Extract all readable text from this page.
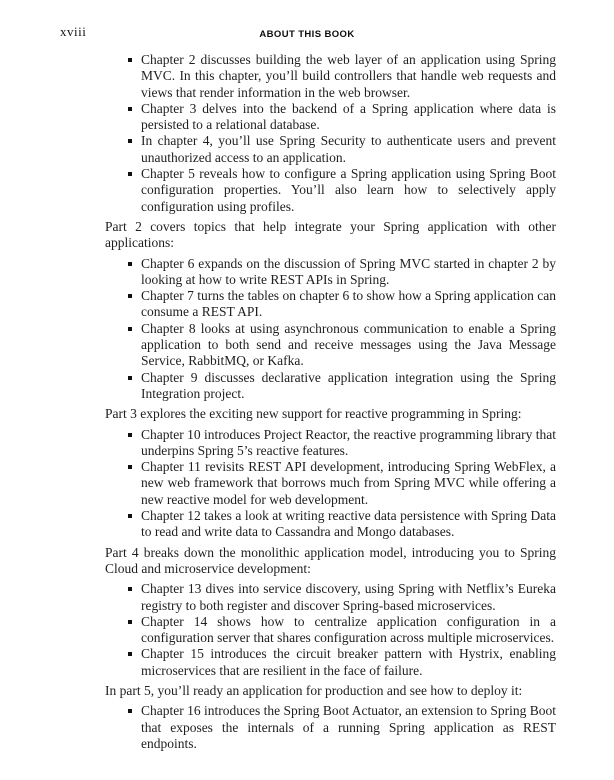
xviii	ABOUT THIS BOOK
Chapter 2 discusses building the web layer of an application using Spring MVC. In this chapter, you’ll build controllers that handle web requests and views that render information in the web browser.
Chapter 3 delves into the backend of a Spring application where data is persisted to a relational database.
In chapter 4, you’ll use Spring Security to authenticate users and prevent unauthorized access to an application.
Chapter 5 reveals how to configure a Spring application using Spring Boot configuration properties. You’ll also learn how to selectively apply configuration using profiles.

Part 2 covers topics that help integrate your Spring application with other applications:

Chapter 6 expands on the discussion of Spring MVC started in chapter 2 by looking at how to write REST APIs in Spring.
Chapter 7 turns the tables on chapter 6 to show how a Spring application can consume a REST API.
Chapter 8 looks at using asynchronous communication to enable a Spring application to both send and receive messages using the Java Message Service, RabbitMQ, or Kafka.
Chapter 9 discusses declarative application integration using the Spring Integration project.

Part 3 explores the exciting new support for reactive programming in Spring:

Chapter 10 introduces Project Reactor, the reactive programming library that underpins Spring 5’s reactive features.
Chapter 11 revisits REST API development, introducing Spring WebFlex, a new web framework that borrows much from Spring MVC while offering a new reactive model for web development.
Chapter 12 takes a look at writing reactive data persistence with Spring Data to read and write data to Cassandra and Mongo databases.

Part 4 breaks down the monolithic application model, introducing you to Spring Cloud and microservice development:

Chapter 13 dives into service discovery, using Spring with Netflix’s Eureka registry to both register and discover Spring-based microservices.
Chapter 14 shows how to centralize application configuration in a configuration server that shares configuration across multiple microservices.
Chapter 15 introduces the circuit breaker pattern with Hystrix, enabling microservices that are resilient in the face of failure.

In part 5, you’ll ready an application for production and see how to deploy it:

Chapter 16 introduces the Spring Boot Actuator, an extension to Spring Boot that exposes the internals of a running Spring application as REST endpoints.
